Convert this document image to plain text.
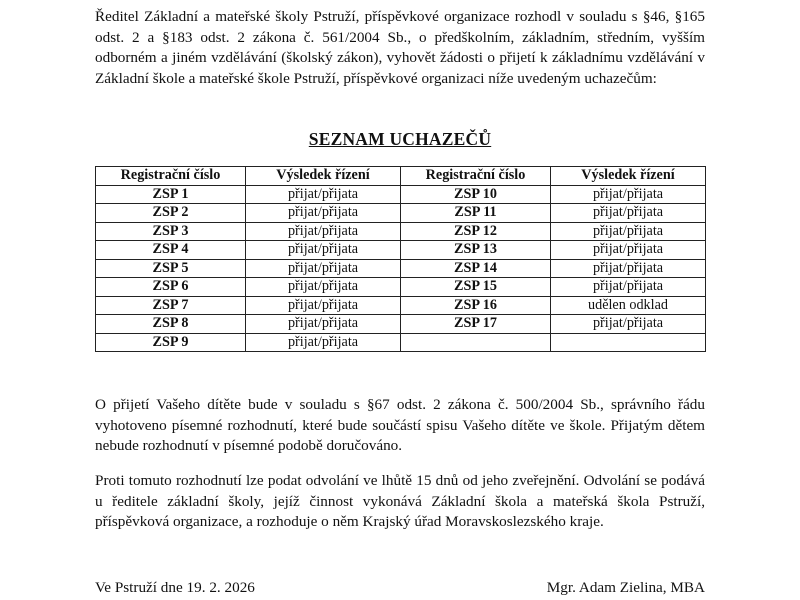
Ředitel Základní a mateřské školy Pstruží, příspěvkové organizace rozhodl v souladu s §46, §165 odst. 2 a §183 odst. 2 zákona č. 561/2004 Sb., o předškolním, základním, středním, vyšším odborném a jiném vzdělávání (školský zákon), vyhovět žádosti o přijetí k základnímu vzdělávání v Základní škole a mateřské škole Pstruží, příspěvkové organizaci níže uvedeným uchazečům:

SEZNAM UCHAZEČŮ
Registrační číslo	Výsledek řízení	Registrační číslo	Výsledek řízení
ZSP 1	přijat/přijata	ZSP 10	přijat/přijata
ZSP 2	přijat/přijata	ZSP 11	přijat/přijata
ZSP 3	přijat/přijata	ZSP 12	přijat/přijata
ZSP 4	přijat/přijata	ZSP 13	přijat/přijata
ZSP 5	přijat/přijata	ZSP 14	přijat/přijata
ZSP 6	přijat/přijata	ZSP 15	přijat/přijata
ZSP 7	přijat/přijata	ZSP 16	udělen odklad
ZSP 8	přijat/přijata	ZSP 17	přijat/přijata
ZSP 9	přijat/přijata		

O přijetí Vašeho dítěte bude v souladu s §67 odst. 2 zákona č. 500/2004 Sb., správního řádu vyhotoveno písemné rozhodnutí, které bude součástí spisu Vašeho dítěte ve škole. Přijatým dětem nebude rozhodnutí v písemné podobě doručováno.

Proti tomuto rozhodnutí lze podat odvolání ve lhůtě 15 dnů od jeho zveřejnění. Odvolání se podává u ředitele základní školy, jejíž činnost vykonává Základní škola a mateřská škola Pstruží, příspěvková organizace, a rozhoduje o něm Krajský úřad Moravskoslezského kraje.

Ve Pstruží dne 19. 2. 2026	Mgr. Adam Zielina, MBA
